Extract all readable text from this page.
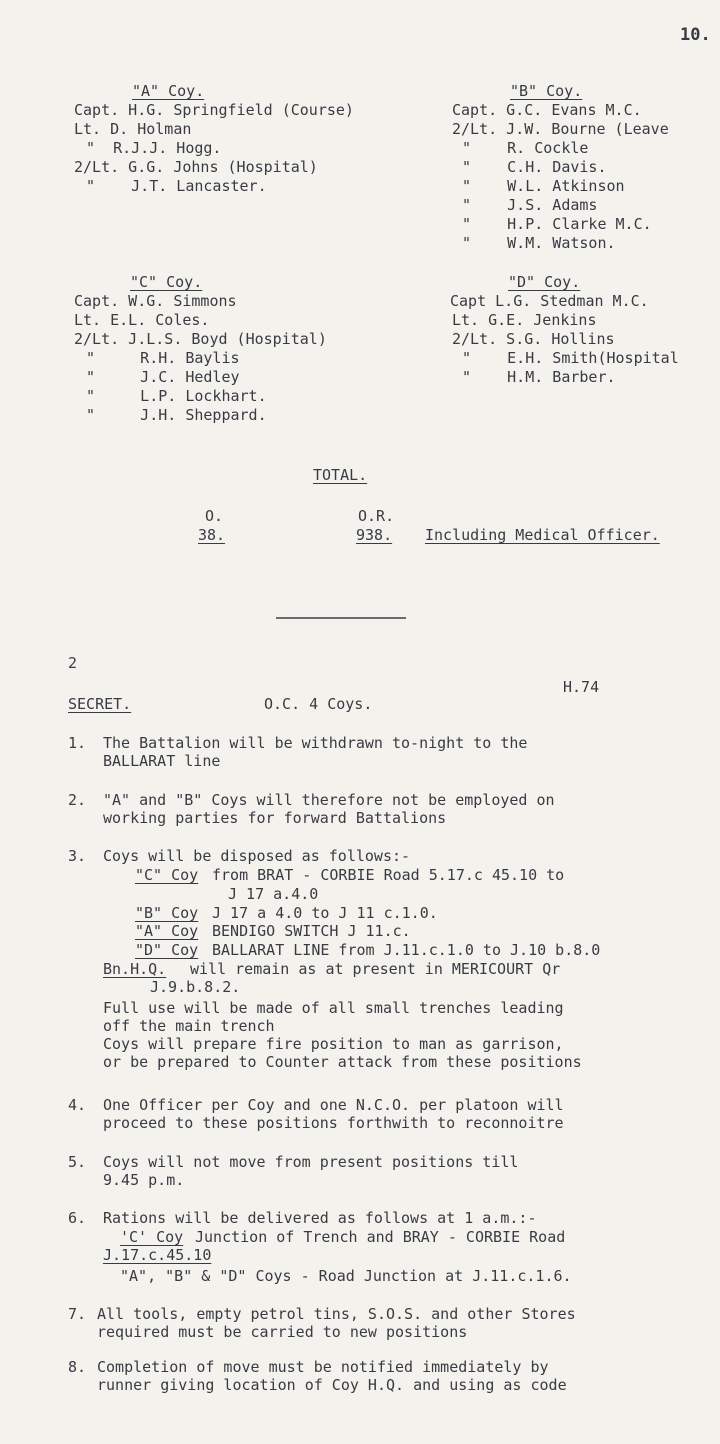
10.
"A" Coy.
Capt. H.G. Springfield (Course)
Lt. D. Holman
"  R.J.J. Hogg.
2/Lt. G.G. Johns (Hospital)
"    J.T. Lancaster.
"B" Coy.
Capt. G.C. Evans M.C.
2/Lt. J.W. Bourne (Leave
"    R. Cockle
"    C.H. Davis.
"    W.L. Atkinson
"    J.S. Adams
"    H.P. Clarke M.C.
"    W.M. Watson.
"C" Coy.
Capt. W.G. Simmons
Lt. E.L. Coles.
2/Lt. J.L.S. Boyd (Hospital)
"     R.H. Baylis
"     J.C. Hedley
"     L.P. Lockhart.
"     J.H. Sheppard.
"D" Coy.
Capt L.G. Stedman M.C.
Lt. G.E. Jenkins
2/Lt. S.G. Hollins
"    E.H. Smith(Hospital
"    H.M. Barber.
TOTAL.
O.
38.
O.R.
938. Including Medical Officer.
2
H.74
SECRET.	O.C. 4 Coys.
1. The Battalion will be withdrawn to-night to the
BALLARAT line
2. "A" and "B" Coys will therefore not be employed on
working parties for forward Battalions
3. Coys will be disposed as follows:-
"C" Coy from BRAT - CORBIE Road 5.17.c 45.10 to
J 17 a.4.0
"B" Coy J 17 a 4.0 to J 11 c.1.0.
"A" Coy BENDIGO SWITCH J 11.c.
"D" Coy BALLARAT LINE from J.11.c.1.0 to J.10 b.8.0
Bn.H.Q. will remain as at present in MERICOURT Qr
J.9.b.8.2.
Full use will be made of all small trenches leading
off the main trench
Coys will prepare fire position to man as garrison,
or be prepared to Counter attack from these positions
4. One Officer per Coy and one N.C.O. per platoon will
proceed to these positions forthwith to reconnoitre
5. Coys will not move from present positions till
9.45 p.m.
6. Rations will be delivered as follows at 1 a.m.:-
'C' Coy Junction of Trench and BRAY - CORBIE Road
J.17.c.45.10
"A", "B" & "D" Coys - Road Junction at J.11.c.1.6.
7. All tools, empty petrol tins, S.O.S. and other Stores
required must be carried to new positions
8. Completion of move must be notified immediately by
runner giving location of Coy H.Q. and using as code
